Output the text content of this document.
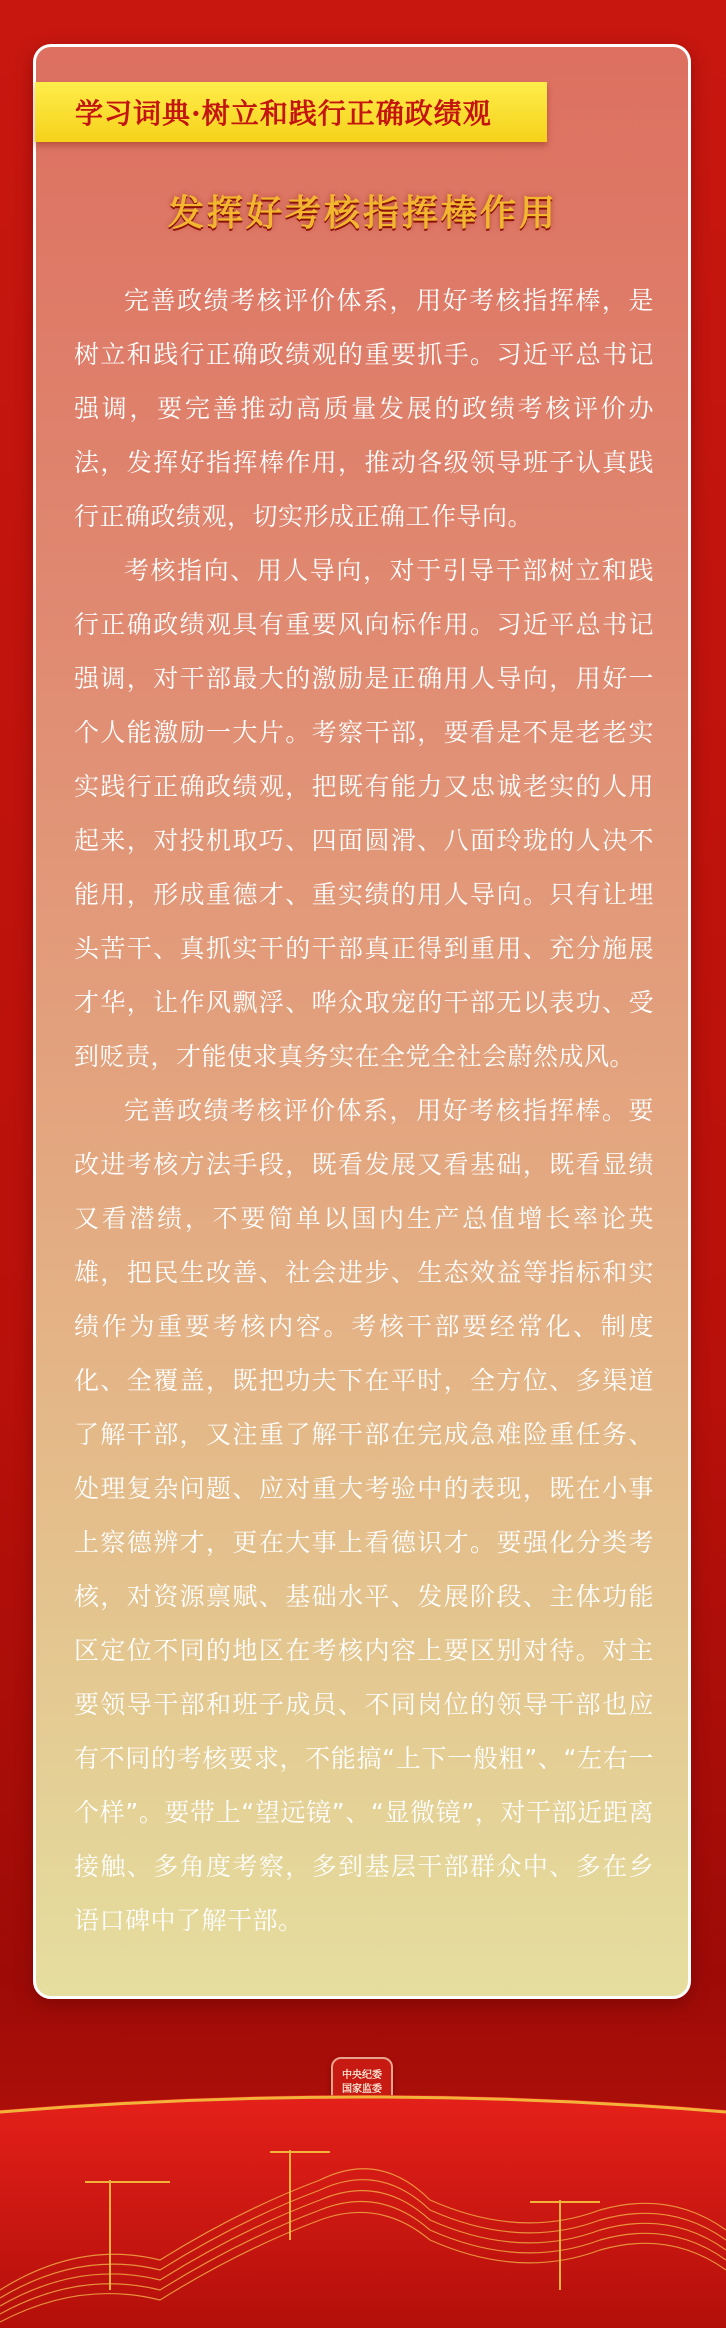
学习词典·树立和践行正确政绩观
发挥好考核指挥棒作用

完善政绩考核评价体系，用好考核指挥棒，是树立和践行正确政绩观的重要抓手。习近平总书记强调，要完善推动高质量发展的政绩考核评价办法，发挥好指挥棒作用，推动各级领导班子认真践行正确政绩观，切实形成正确工作导向。

考核指向、用人导向，对于引导干部树立和践行正确政绩观具有重要风向标作用。习近平总书记强调，对干部最大的激励是正确用人导向，用好一个人能激励一大片。考察干部，要看是不是老老实实践行正确政绩观，把既有能力又忠诚老实的人用起来，对投机取巧、四面圆滑、八面玲珑的人决不能用，形成重德才、重实绩的用人导向。只有让埋头苦干、真抓实干的干部真正得到重用、充分施展才华，让作风飘浮、哗众取宠的干部无以表功、受到贬责，才能使求真务实在全党全社会蔚然成风。

完善政绩考核评价体系，用好考核指挥棒。要改进考核方法手段，既看发展又看基础，既看显绩又看潜绩，不要简单以国内生产总值增长率论英雄，把民生改善、社会进步、生态效益等指标和实绩作为重要考核内容。考核干部要经常化、制度化、全覆盖，既把功夫下在平时，全方位、多渠道了解干部，又注重了解干部在完成急难险重任务、处理复杂问题、应对重大考验中的表现，既在小事上察德辨才，更在大事上看德识才。要强化分类考核，对资源禀赋、基础水平、发展阶段、主体功能区定位不同的地区在考核内容上要区别对待。对主要领导干部和班子成员、不同岗位的领导干部也应有不同的考核要求，不能搞“上下一般粗”、“左右一个样”。要带上“望远镜”、“显微镜”，对干部近距离接触、多角度考察，多到基层干部群众中、多在乡语口碑中了解干部。

中央纪委
国家监委
